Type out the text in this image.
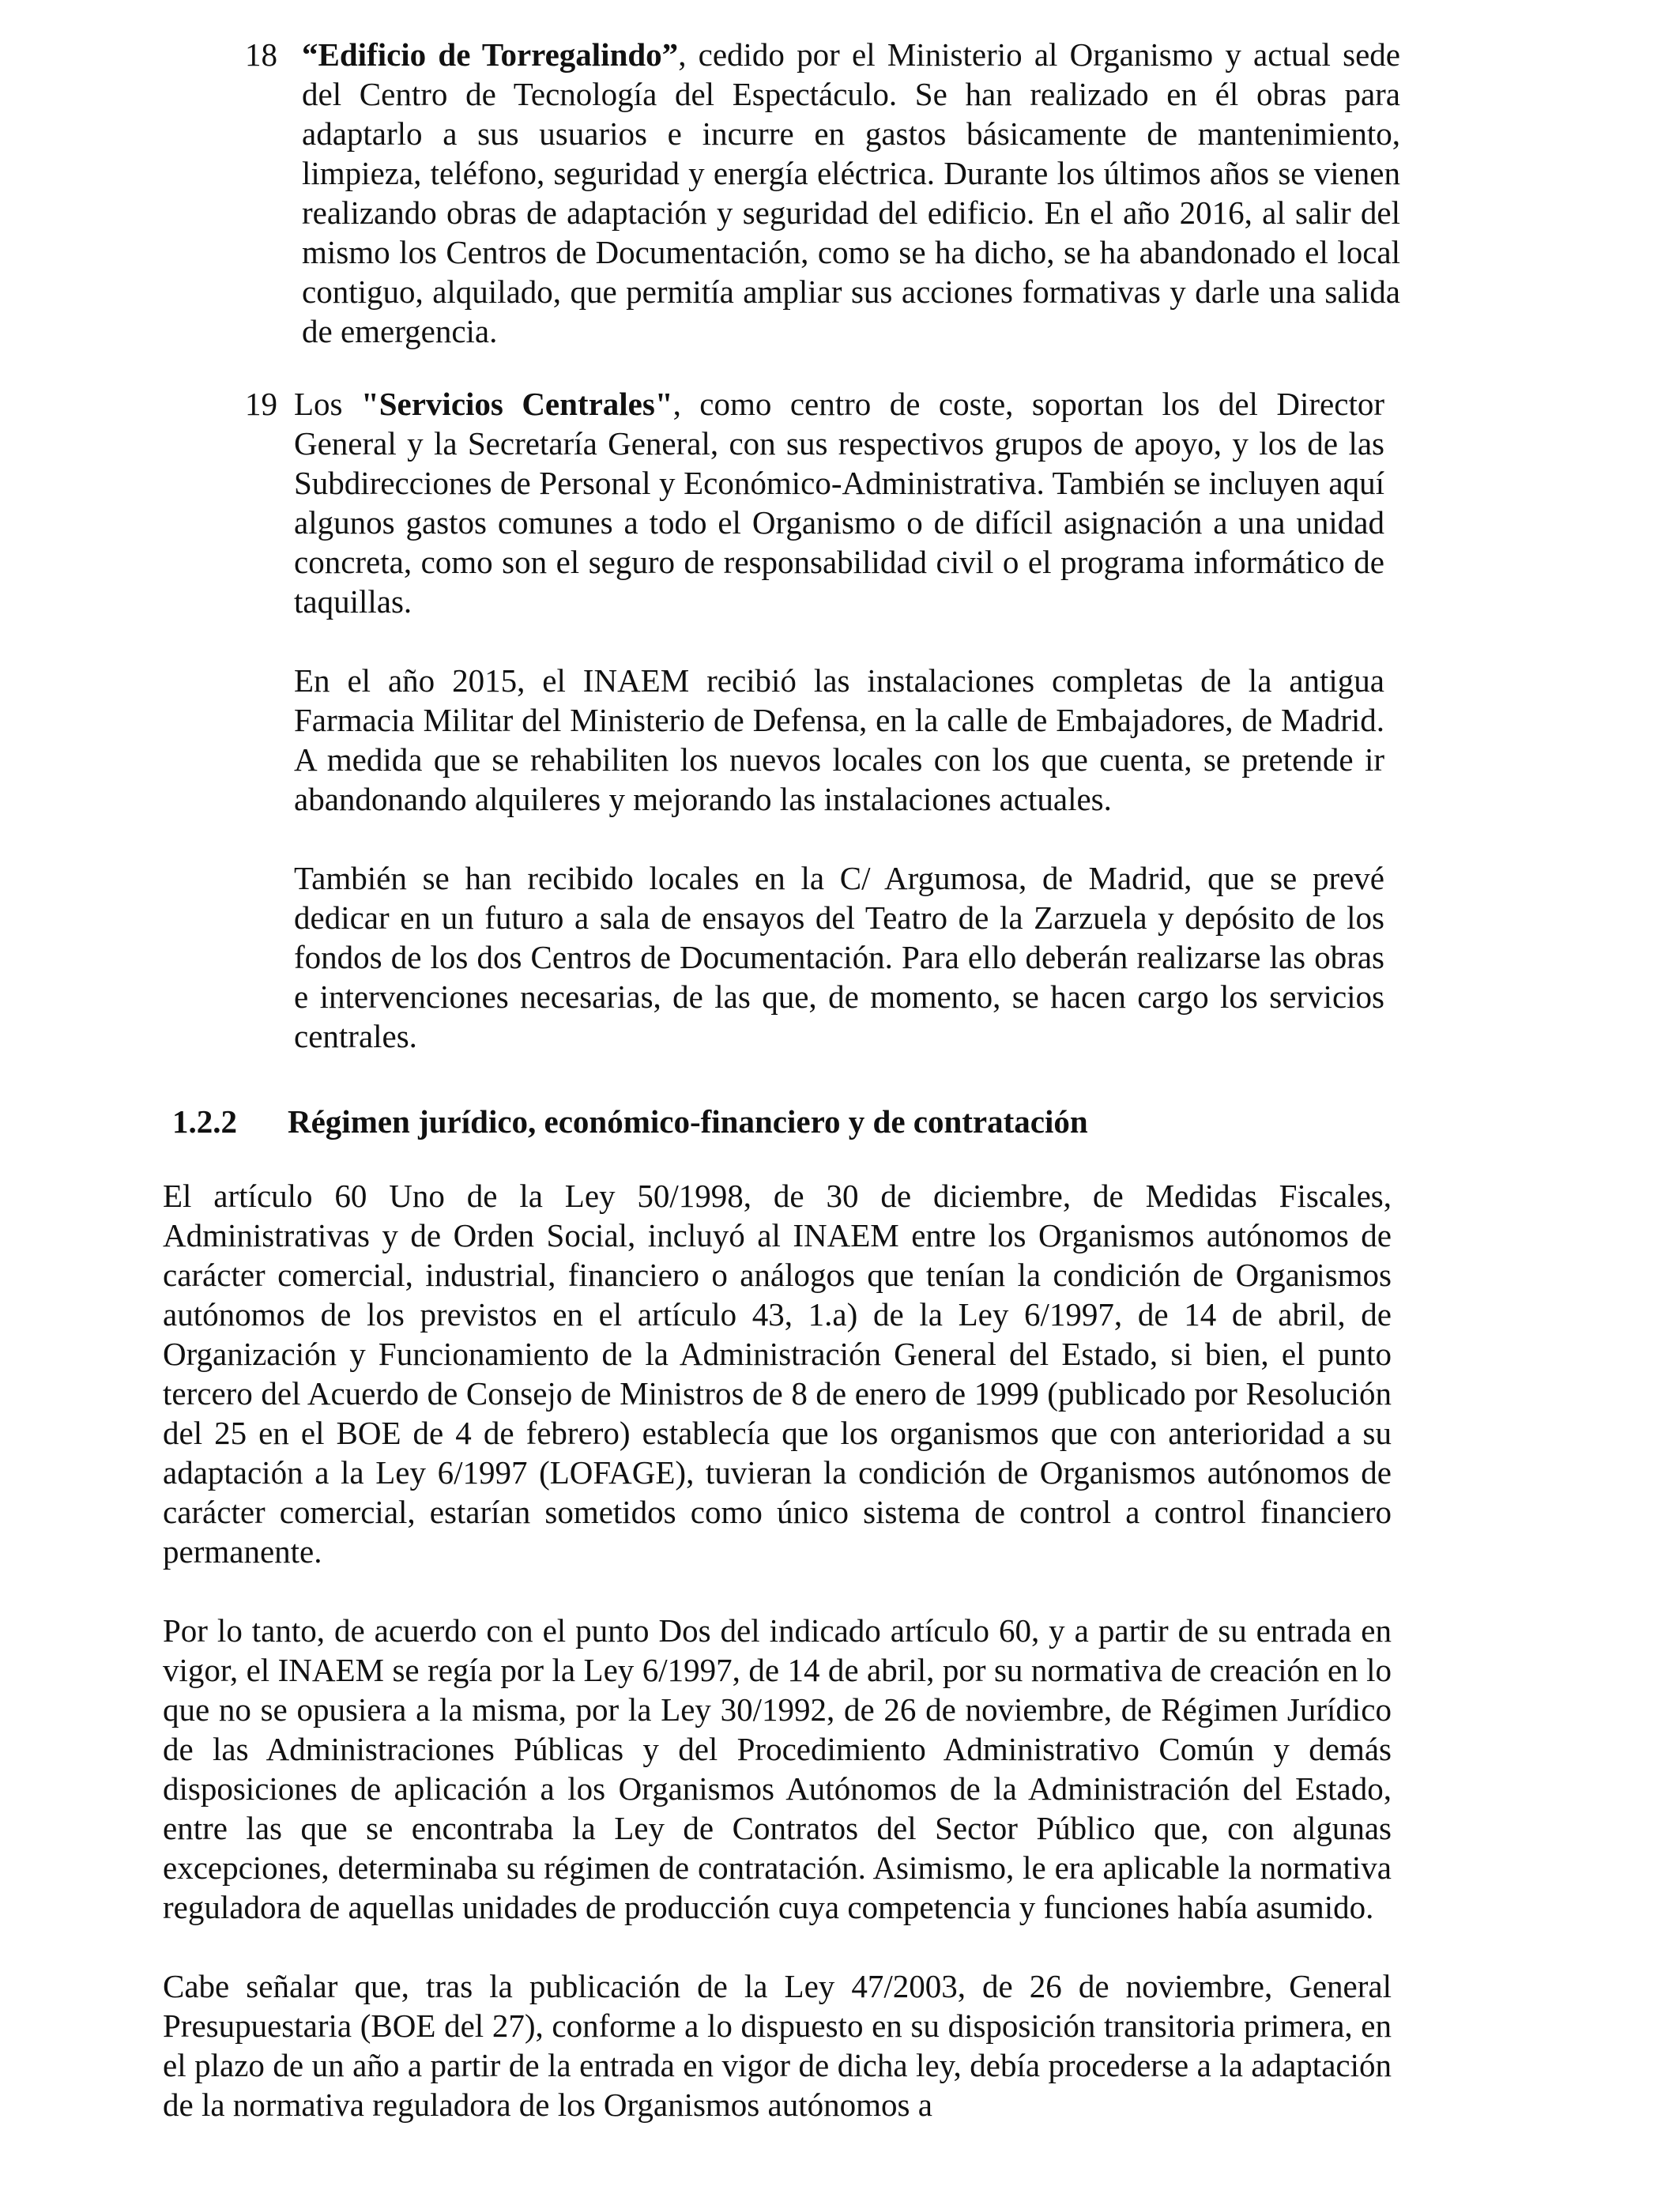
18 “Edificio de Torregalindo”, cedido por el Ministerio al Organismo y actual sede del Centro de Tecnología del Espectáculo. Se han realizado en él obras para adaptarlo a sus usuarios e incurre en gastos básicamente de mantenimiento, limpieza, teléfono, seguridad y energía eléctrica. Durante los últimos años se vienen realizando obras de adaptación y seguridad del edificio. En el año 2016, al salir del mismo los Centros de Documentación, como se ha dicho, se ha abandonado el local contiguo, alquilado, que permitía ampliar sus acciones formativas y darle una salida de emergencia.

19 Los "Servicios Centrales", como centro de coste, soportan los del Director General y la Secretaría General, con sus respectivos grupos de apoyo, y los de las Subdirecciones de Personal y Económico-Administrativa. También se incluyen aquí algunos gastos comunes a todo el Organismo o de difícil asignación a una unidad concreta, como son el seguro de responsabilidad civil o el programa informático de taquillas.

En el año 2015, el INAEM recibió las instalaciones completas de la antigua Farmacia Militar del Ministerio de Defensa, en la calle de Embajadores, de Madrid. A medida que se rehabiliten los nuevos locales con los que cuenta, se pretende ir abandonando alquileres y mejorando las instalaciones actuales.

También se han recibido locales en la C/ Argumosa, de Madrid, que se prevé dedicar en un futuro a sala de ensayos del Teatro de la Zarzuela y depósito de los fondos de los dos Centros de Documentación. Para ello deberán realizarse las obras e intervenciones necesarias, de las que, de momento, se hacen cargo los servicios centrales.

1.2.2 Régimen jurídico, económico-financiero y de contratación

El artículo 60 Uno de la Ley 50/1998, de 30 de diciembre, de Medidas Fiscales, Administrativas y de Orden Social, incluyó al INAEM entre los Organismos autónomos de carácter comercial, industrial, financiero o análogos que tenían la condición de Organismos autónomos de los previstos en el artículo 43, 1.a) de la Ley 6/1997, de 14 de abril, de Organización y Funcionamiento de la Administración General del Estado, si bien, el punto tercero del Acuerdo de Consejo de Ministros de 8 de enero de 1999 (publicado por Resolución del 25 en el BOE de 4 de febrero) establecía que los organismos que con anterioridad a su adaptación a la Ley 6/1997 (LOFAGE), tuvieran la condición de Organismos autónomos de carácter comercial, estarían sometidos como único sistema de control a control financiero permanente.

Por lo tanto, de acuerdo con el punto Dos del indicado artículo 60, y a partir de su entrada en vigor, el INAEM se regía por la Ley 6/1997, de 14 de abril, por su normativa de creación en lo que no se opusiera a la misma, por la Ley 30/1992, de 26 de noviembre, de Régimen Jurídico de las Administraciones Públicas y del Procedimiento Administrativo Común y demás disposiciones de aplicación a los Organismos Autónomos de la Administración del Estado, entre las que se encontraba la Ley de Contratos del Sector Público que, con algunas excepciones, determinaba su régimen de contratación. Asimismo, le era aplicable la normativa reguladora de aquellas unidades de producción cuya competencia y funciones había asumido.

Cabe señalar que, tras la publicación de la Ley 47/2003, de 26 de noviembre, General Presupuestaria (BOE del 27), conforme a lo dispuesto en su disposición transitoria primera, en el plazo de un año a partir de la entrada en vigor de dicha ley, debía procederse a la adaptación de la normativa reguladora de los Organismos autónomos a
